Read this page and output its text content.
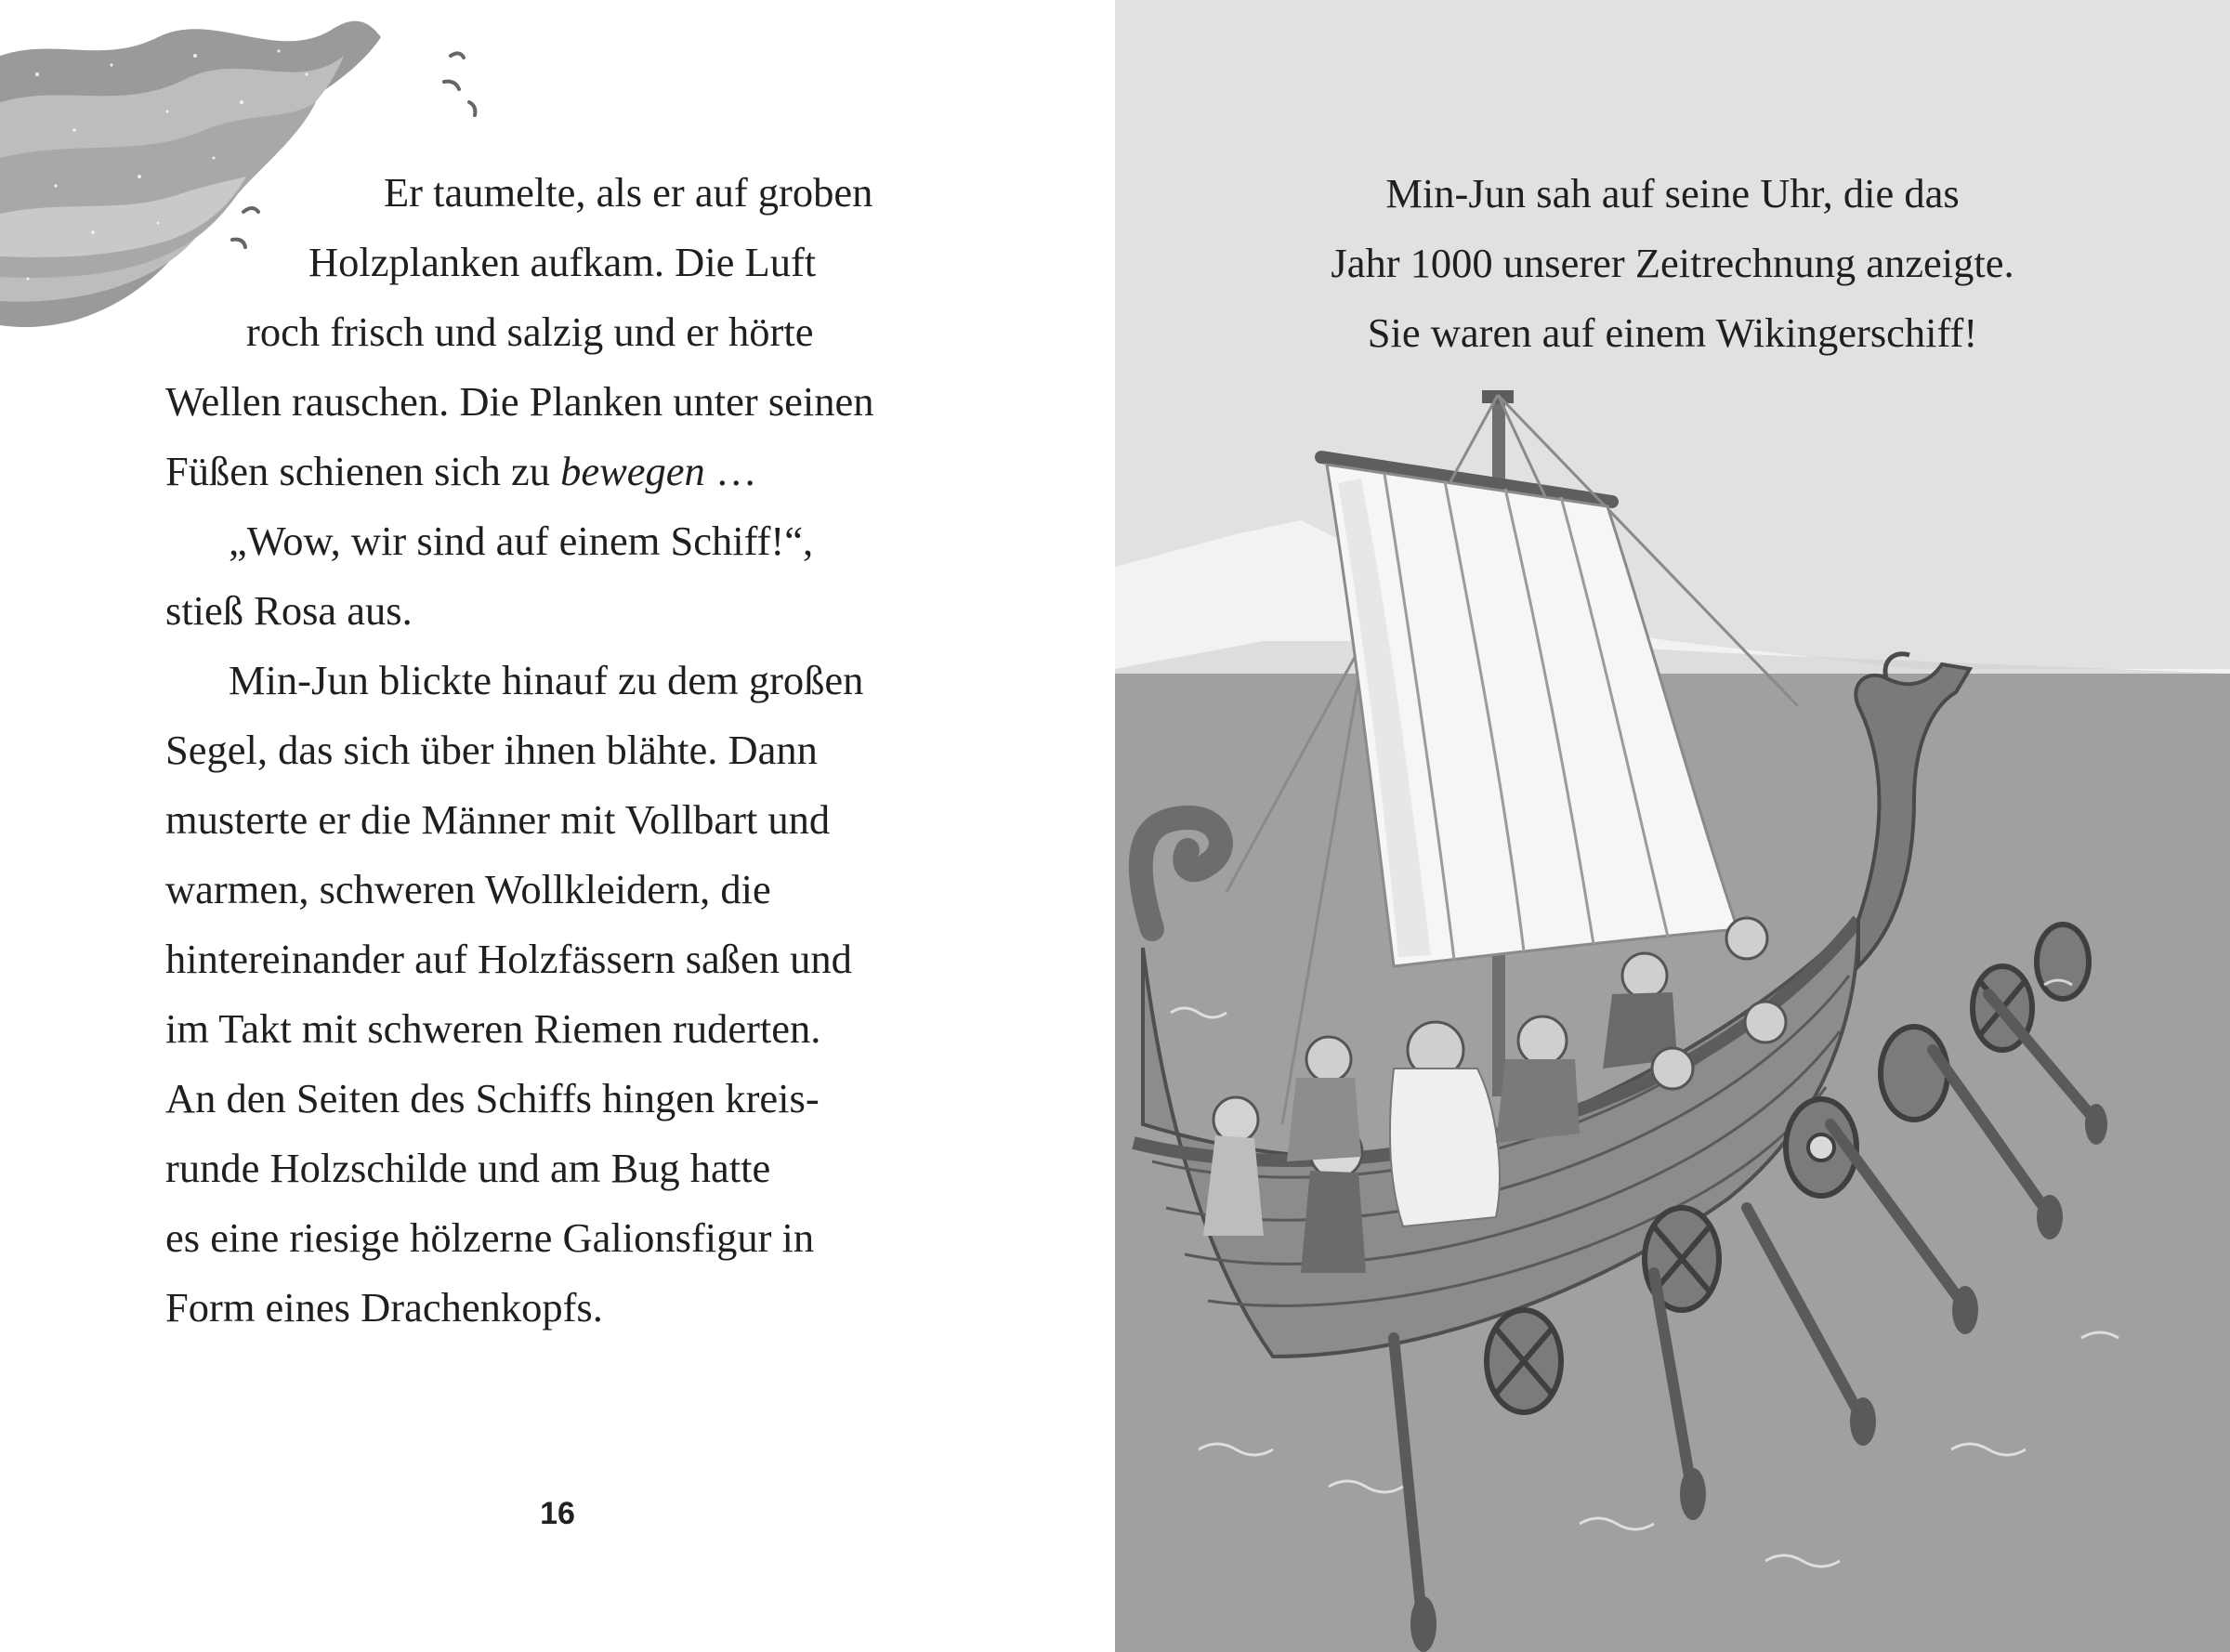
Er taumelte, als er auf groben
Holzplanken aufkam. Die Luft
roch frisch und salzig und er hörte
Wellen rauschen. Die Planken unter seinen
Füßen schienen sich zu bewegen …
„Wow, wir sind auf einem Schiff!“,
stieß Rosa aus.
Min-Jun blickte hinauf zu dem großen
Segel, das sich über ihnen blähte. Dann
musterte er die Männer mit Vollbart und
warmen, schweren Wollkleidern, die
hintereinander auf Holzfässern saßen und
im Takt mit schweren Riemen ruderten.
An den Seiten des Schiffs hingen kreis-
runde Holzschilde und am Bug hatte
es eine riesige hölzerne Galionsfigur in
Form eines Drachenkopfs.
16
Min-Jun sah auf seine Uhr, die das
Jahr 1000 unserer Zeitrechnung anzeigte.
Sie waren auf einem Wikingerschiff!
